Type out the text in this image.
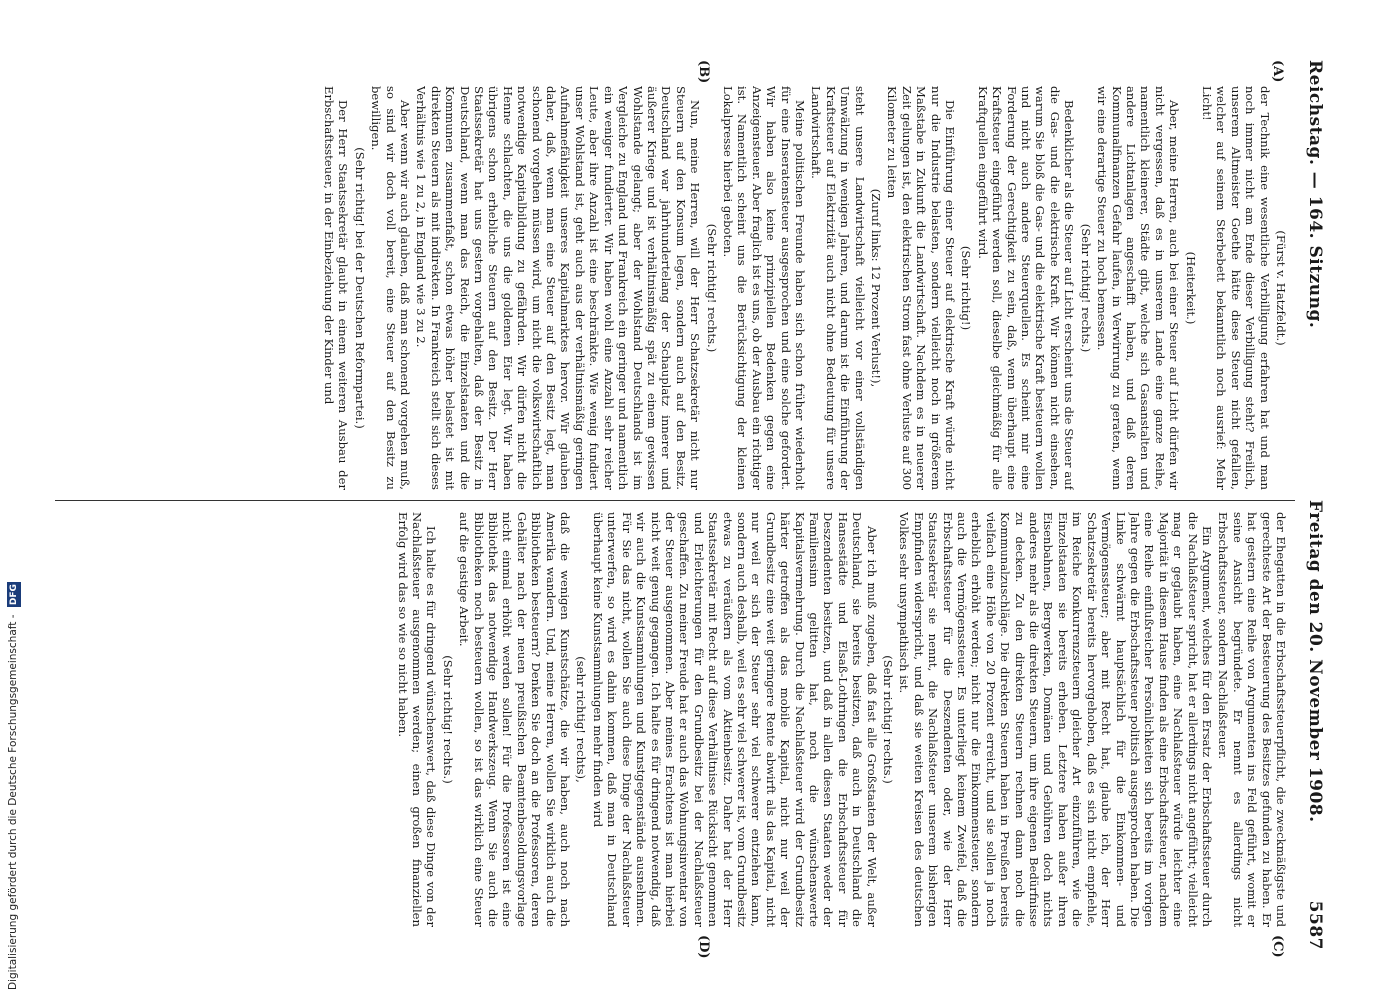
Reichstag. — 164. Sitzung.
Freitag den 20. November 1908.
5587
(A)
(B)
(C)
(D)

(Fürst v. Hatzfeldt.)

der Technik eine wesentliche Verbilligung erfahren hat und man noch immer nicht am Ende dieser Verbilligung steht? Freilich, unserem Altmeister Goethe hätte diese Steuer nicht gefallen, welcher auf seinem Sterbebett bekanntlich noch ausrief: Mehr Licht!

(Heiterkeit.)

Aber, meine Herren, auch bei einer Steuer auf Licht dürfen wir nicht vergessen, daß es in unserem Lande eine ganze Reihe, namentlich kleinerer, Städte gibt, welche sich Gasanstalten und andere Lichtanlagen angeschafft haben, und daß deren Kommunalfinanzen Gefahr laufen, in Verwirrung zu geraten, wenn wir eine derartige Steuer zu hoch bemessen.

(Sehr richtig! rechts.)

Bedenklicher als die Steuer auf Licht erscheint uns die Steuer auf die Gas- und die elektrische Kraft. Wir können nicht einsehen, warum Sie bloß die Gas- und die elektrische Kraft besteuern wollen und nicht auch andere Steuerquellen. Es scheint mir eine Forderung der Gerechtigkeit zu sein, daß, wenn überhaupt eine Kraftsteuer eingeführt werden soll, dieselbe gleichmäßig für alle Kraftquellen eingeführt wird.

(Sehr richtig!)

Die Einführung einer Steuer auf elektrische Kraft würde nicht nur die Industrie belasten, sondern vielleicht noch in größerem Maßstabe in Zukunft die Landwirtschaft. Nachdem es in neuerer Zeit gelungen ist, den elektrischen Strom fast ohne Verluste auf 300 Kilometer zu leiten

(Zuruf links: 12 Prozent Verlust!),

steht unsere Landwirtschaft vielleicht vor einer vollständigen Umwälzung in wenigen Jahren, und darum ist die Einführung der Kraftsteuer auf Elektrizität auch nicht ohne Bedeutung für unsere Landwirtschaft.

Meine politischen Freunde haben sich schon früher wiederholt für eine Inseratensteuer ausgesprochen und eine solche gefordert. Wir haben also keine prinzipiellen Bedenken gegen eine Anzeigensteuer. Aber fraglich ist es uns, ob der Ausbau ein richtiger ist. Namentlich scheint uns die Berücksichtigung der kleinen Lokalpresse hierbei geboten.

(Sehr richtig! rechts.)

Nun, meine Herren, will der Herr Schatzsekretär nicht nur Steuern auf den Konsum legen, sondern auch auf den Besitz. Deutschland war jahrhundertelang der Schauplatz innerer und äußerer Kriege und ist verhältnismäßig spät zu einem gewissen Wohlstande gelangt; aber der Wohlstand Deutschlands ist im Vergleiche zu England und Frankreich ein geringer und namentlich ein weniger fundierter. Wir haben wohl eine Anzahl sehr reicher Leute, aber ihre Anzahl ist eine beschränkte. Wie wenig fundiert unser Wohlstand ist, geht auch aus der verhältnismäßig geringen Aufnahmefähigkeit unseres Kapitalmarktes hervor. Wir glauben daher, daß, wenn man eine Steuer auf den Besitz legt, man schonend vorgehen müssen wird, um nicht die volkswirtschaftlich notwendige Kapitalbildung zu gefährden. Wir dürfen nicht die Henne schlachten, die uns die goldenen Eier legt. Wir haben übrigens schon erhebliche Steuern auf den Besitz. Der Herr Staatssekretär hat uns gestern vorgehalten, daß der Besitz in Deutschland, wenn man das Reich, die Einzelstaaten und die Kommunen zusammenfaßt, schon etwas höher belastet ist mit direkten Steuern als mit indirekten. In Frankreich stellt sich dieses Verhältnis wie 1 zu 2, in England wie 3 zu 2.

Aber wenn wir auch glauben, daß man schonend vorgehen muß, so sind wir doch voll bereit, eine Steuer auf den Besitz zu bewilligen.

(Sehr richtig! bei der Deutschen Reformpartei.)

Der Herr Staatssekretär glaubt in einem weiteren Ausbau der Erbschaftssteuer, in der Einbeziehung der Kinder und

der Ehegatten in die Erbschaftssteuerpflicht, die zweckmäßigste und gerechteste Art der Besteuerung des Besitzes gefunden zu haben. Er hat gestern eine Reihe von Argumenten ins Feld geführt, womit er seine Ansicht begründete. Er nennt es allerdings nicht Erbschaftssteuer, sondern Nachlaßsteuer.

Ein Argument, welches für den Ersatz der Erbschaftssteuer durch die Nachlaßsteuer spricht, hat er allerdings nicht angeführt; vielleicht mag er geglaubt haben, eine Nachlaßsteuer würde leichter eine Majorität in diesem Hause finden als eine Erbschaftssteuer, nachdem eine Reihe einflußreicher Persönlichkeiten sich bereits im vorigen Jahre gegen die Erbschaftssteuer politisch ausgesprochen haben. Die Linke schwärmt hauptsächlich für die Einkommen- und Vermögenssteuer; aber mit Recht hat, glaube ich, der Herr Schatzsekretär bereits hervorgehoben, daß es sich nicht empfiehle, im Reiche Konkurrenzsteuern gleicher Art einzuführen, wie die Einzelstaaten sie bereits erheben. Letztere haben außer ihren Eisenbahnen, Bergwerken, Domänen und Gebühren doch nichts anderes mehr als die direkten Steuern, um ihre eigenen Bedürfnisse zu decken. Zu den direkten Steuern rechnen dann noch die Kommunalzuschläge. Die direkten Steuern haben in Preußen bereits vielfach eine Höhe von 20 Prozent erreicht, und sie sollen ja noch erheblich erhöht werden; nicht nur die Einkommensteuer, sondern auch die Vermögenssteuer. Es unterliegt keinem Zweifel, daß die Erbschaftssteuer für die Deszendenten oder, wie der Herr Staatssekretär sie nennt, die Nachlaßsteuer unserem bisherigen Empfinden widerspricht, und daß sie weiten Kreisen des deutschen Volkes sehr unsympathisch ist.

(Sehr richtig! rechts.)

Aber ich muß zugeben, daß fast alle Großstaaten der Welt, außer Deutschland, sie bereits besitzen, daß auch in Deutschland die Hansestädte und Elsaß-Lothringen die Erbschaftssteuer für Deszendenten besitzen, und daß in allen diesen Staaten weder der Familiensinn gelitten hat, noch die wünschenswerte Kapitalsvermehrung. Durch die Nachlaßsteuer wird der Grundbesitz härter getroffen als das mobile Kapital, nicht nur weil der Grundbesitz eine weit geringere Rente abwirft als das Kapital, nicht nur weil er sich der Steuer sehr viel schwerer entziehen kann, sondern auch deshalb, weil es sehr viel schwerer ist, vom Grundbesitz etwas zu veräußern als vom Aktienbesitz. Daher hat der Herr Staatssekretär mit Recht auf diese Verhältnisse Rücksicht genommen und Erleichterungen für den Grundbesitz bei der Nachlaßsteuer geschaffen. Zu meiner Freude hat er auch das Wohnungsinventar von der Steuer ausgenommen. Aber meines Erachtens ist man hierbei nicht weit genug gegangen. Ich halte es für dringend notwendig, daß wir auch die Kunstsammlungen und Kunstgegenstände ausnehmen. Für Sie das nicht, wollen Sie auch diese Dinge der Nachlaßsteuer unterwerfen, so wird es dahin kommen, daß man in Deutschland überhaupt keine Kunstsammlungen mehr finden wird

(sehr richtig! rechts),

daß die wenigen Kunstschätze, die wir haben, auch noch nach Amerika wandern. Und, meine Herren, wollen Sie wirklich auch die Bibliotheken besteuern? Denken Sie doch an die Professoren, deren Gehälter nach der neuen preußischen Beamtenbesoldungsvorlage nicht einmal erhöht werden sollen! Für die Professoren ist eine Bibliothek das notwendige Handwerkszeug. Wenn Sie auch die Bibliotheken noch besteuern wollen, so ist das wirklich eine Steuer auf die geistige Arbeit.

(Sehr richtig! rechts.)

Ich halte es für dringend wünschenswert, daß diese Dinge von der Nachlaßsteuer ausgenommen werden; einen großen finanziellen Erfolg wird das so wie so nicht haben.

Digitalisierung gefördert durch die Deutsche Forschungsgemeinschaft - DFG
